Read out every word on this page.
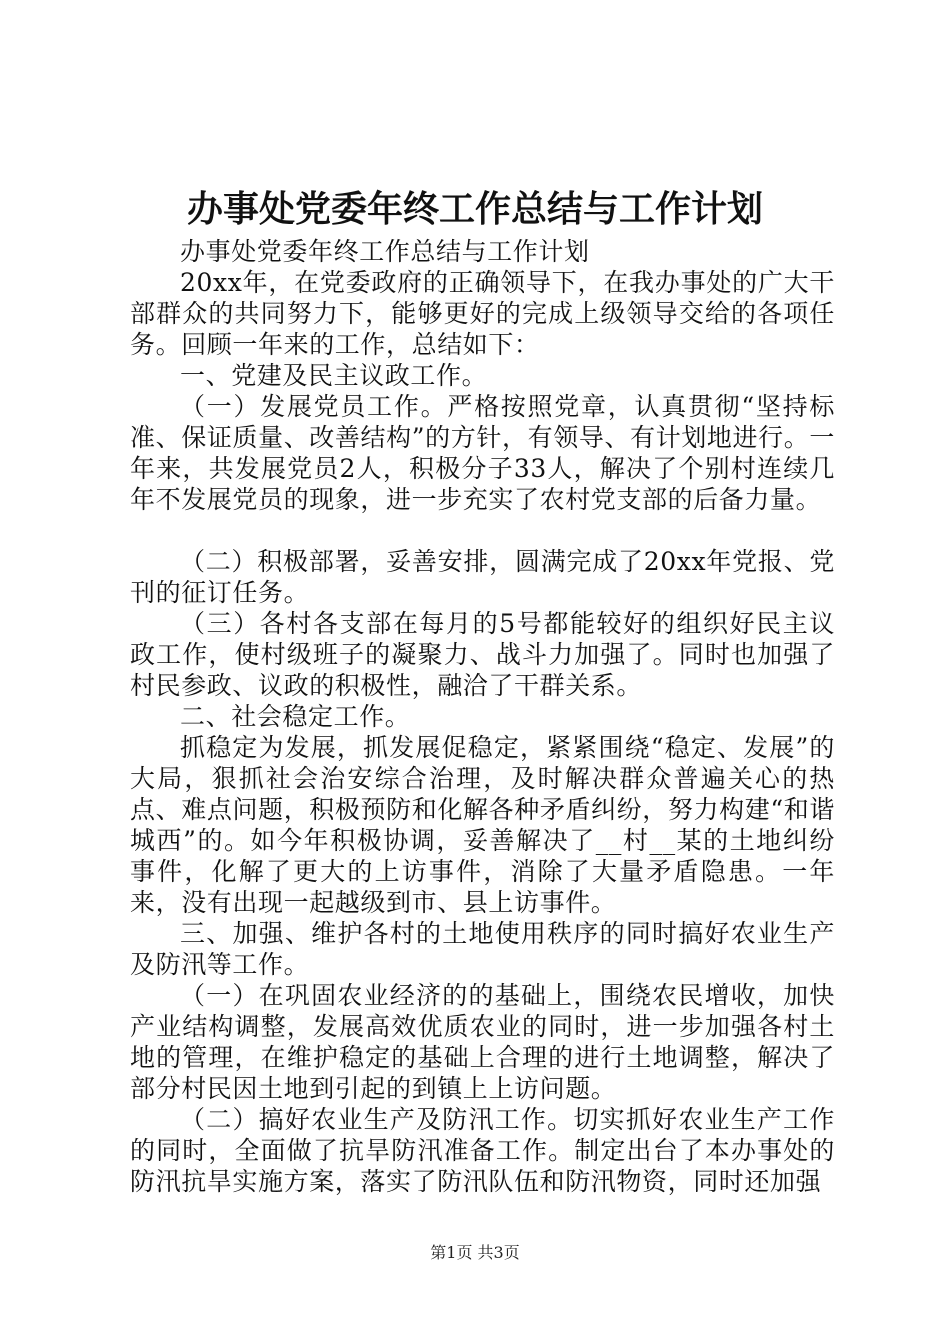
办事处党委年终工作总结与工作计划

办事处党委年终工作总结与工作计划

20xx年，在党委政府的正确领导下，在我办事处的广大干部群众的共同努力下，能够更好的完成上级领导交给的各项任务。回顾一年来的工作，总结如下：

一、党建及民主议政工作。

（一）发展党员工作。严格按照党章，认真贯彻“坚持标准、保证质量、改善结构”的方针，有领导、有计划地进行。一年来，共发展党员2人，积极分子33人，解决了个别村连续几年不发展党员的现象，进一步充实了农村党支部的后备力量。

（二）积极部署，妥善安排，圆满完成了20xx年党报、党刊的征订任务。

（三）各村各支部在每月的5号都能较好的组织好民主议政工作，使村级班子的凝聚力、战斗力加强了。同时也加强了村民参政、议政的积极性，融洽了干群关系。

二、社会稳定工作。

抓稳定为发展，抓发展促稳定，紧紧围绕“稳定、发展”的大局，狠抓社会治安综合治理，及时解决群众普遍关心的热点、难点问题，积极预防和化解各种矛盾纠纷，努力构建“和谐城西”的。如今年积极协调，妥善解决了__村__某的土地纠纷事件，化解了更大的上访事件，消除了大量矛盾隐患。一年来，没有出现一起越级到市、县上访事件。

三、加强、维护各村的土地使用秩序的同时搞好农业生产及防汛等工作。

（一）在巩固农业经济的的基础上，围绕农民增收，加快产业结构调整，发展高效优质农业的同时，进一步加强各村土地的管理，在维护稳定的基础上合理的进行土地调整，解决了部分村民因土地到引起的到镇上上访问题。

（二）搞好农业生产及防汛工作。切实抓好农业生产工作的同时，全面做了抗旱防汛准备工作。制定出台了本办事处的防汛抗旱实施方案，落实了防汛队伍和防汛物资，同时还加强

第1页 共3页
